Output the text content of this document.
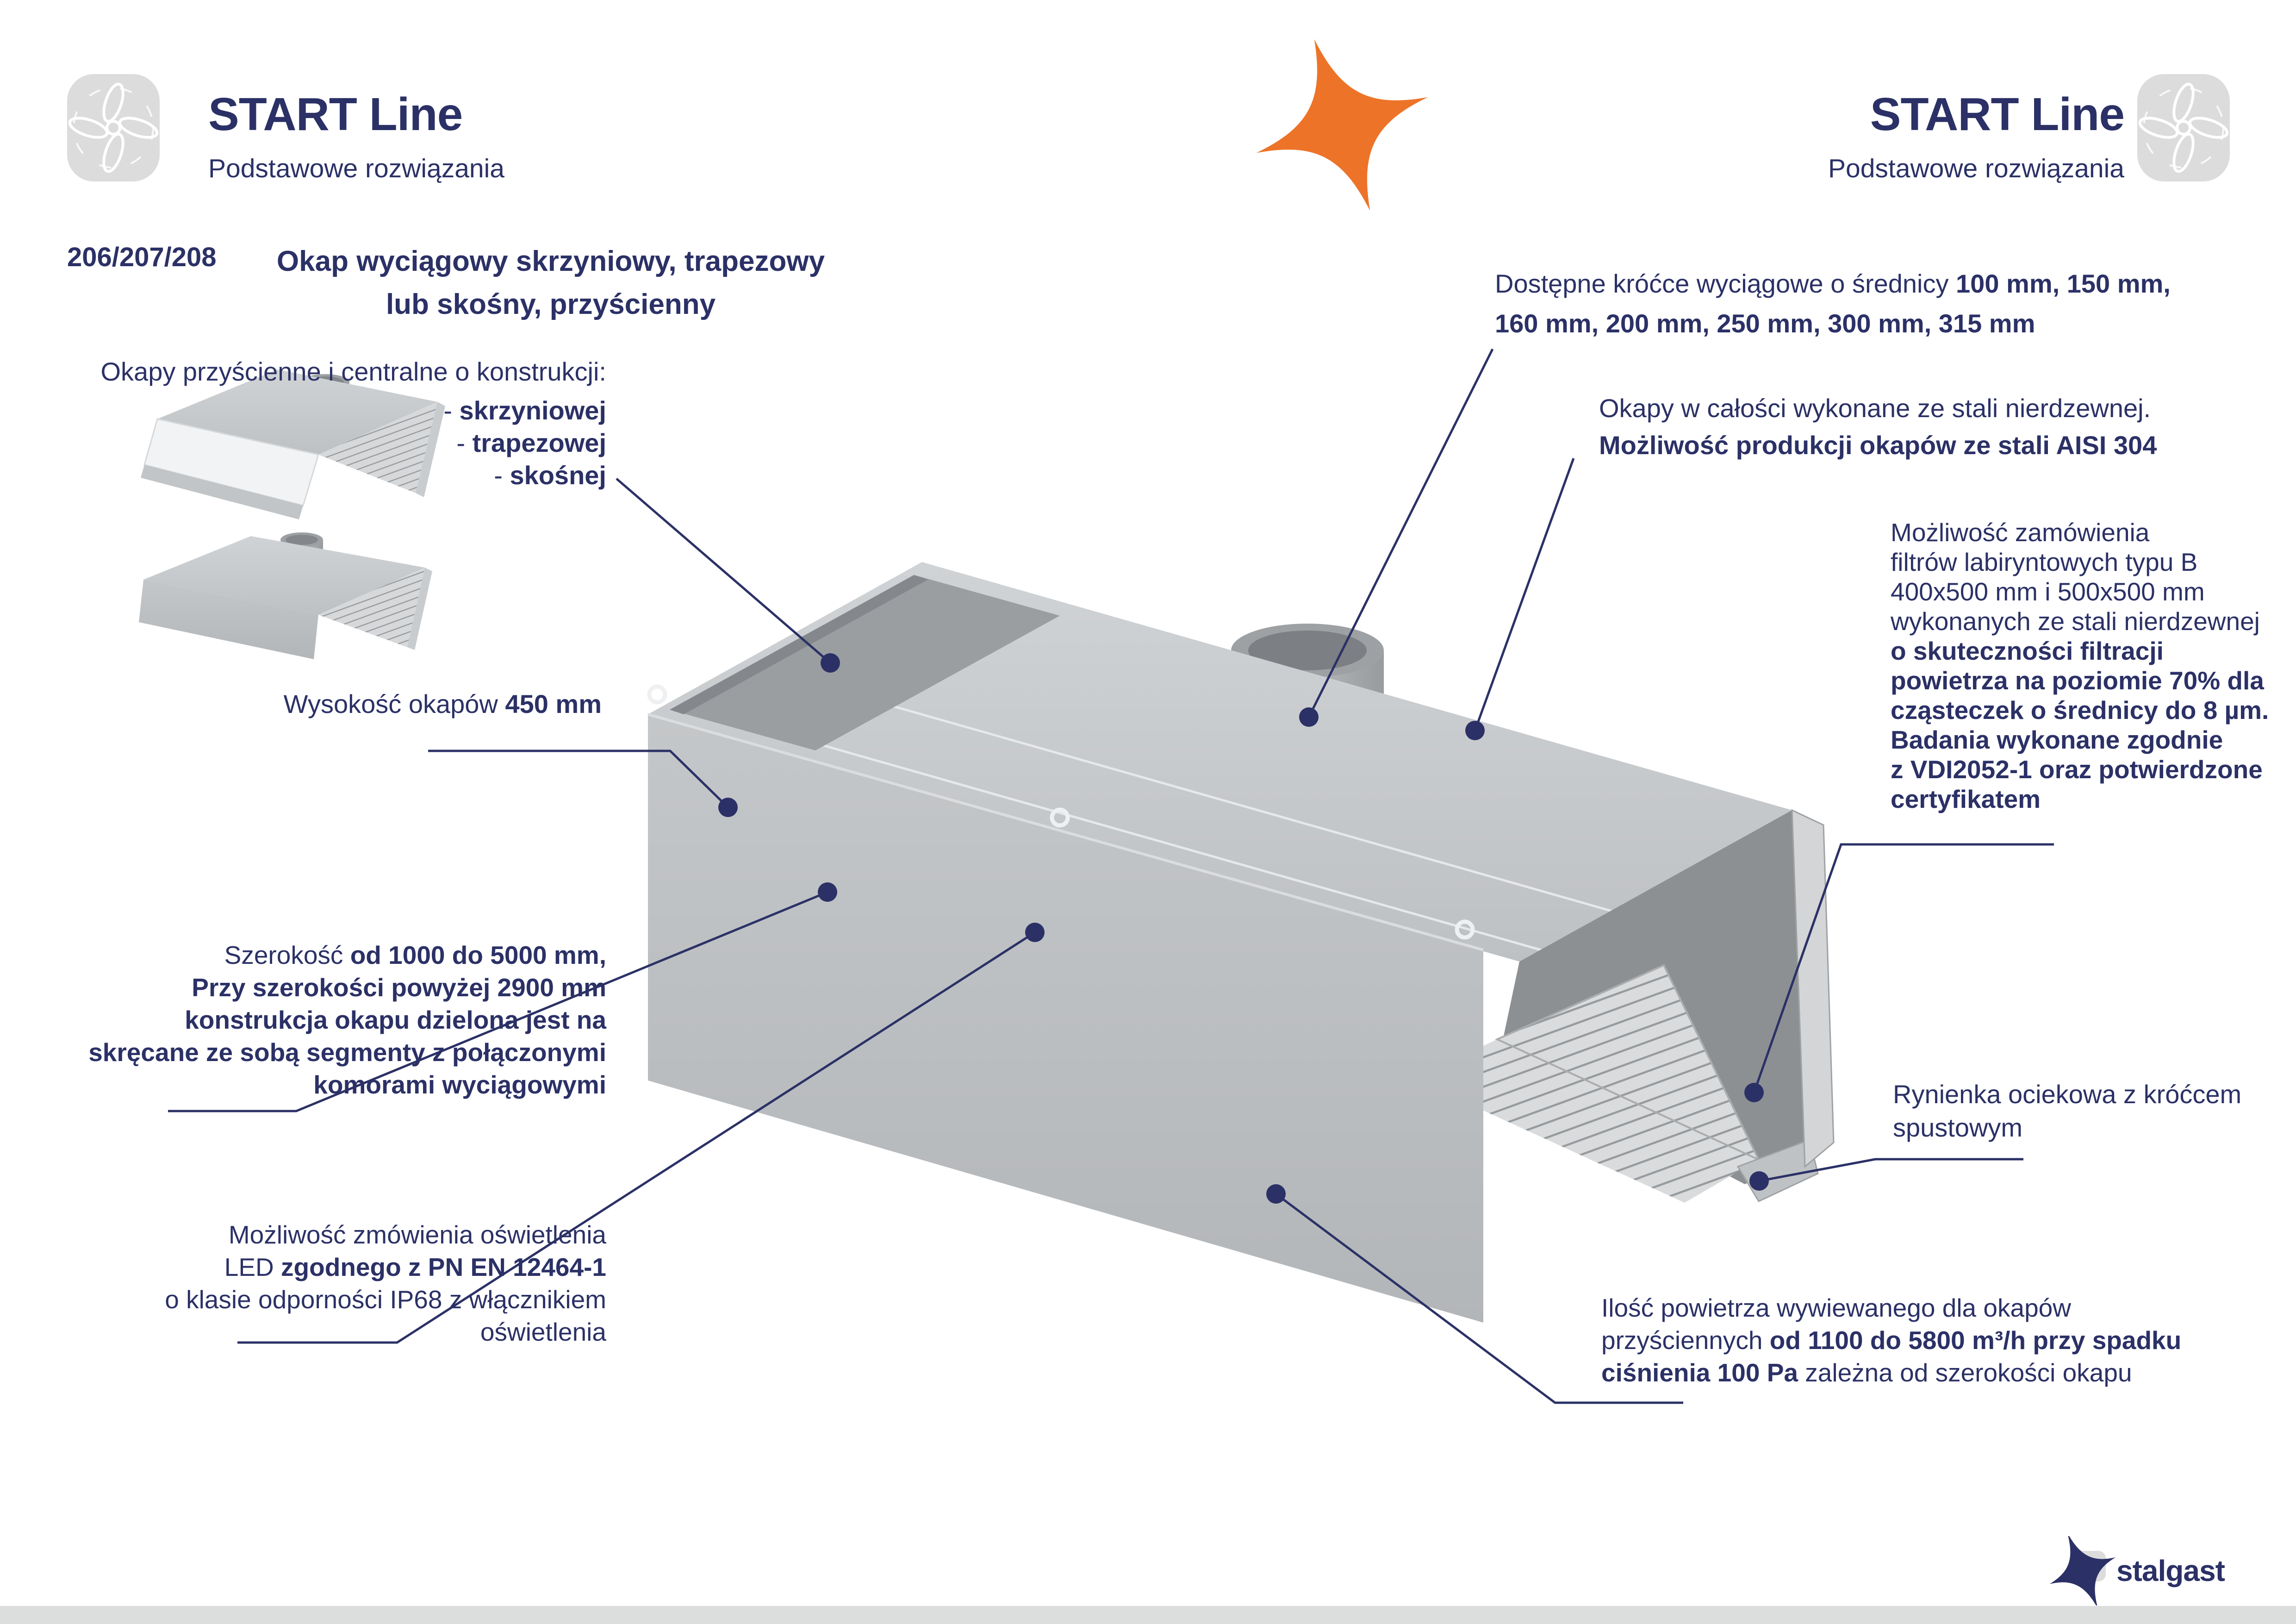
START Line
Podstawowe rozwiązania
START Line
Podstawowe rozwiązania
206/207/208	Okap wyciągowy skrzyniowy, trapezowy
lub skośny, przyścienny
Okapy przyścienne i centralne o konstrukcji:
- skrzyniowej
- trapezowej
- skośnej
Wysokość okapów 450 mm
Szerokość od 1000 do 5000 mm,
Przy szerokości powyżej 2900 mm
konstrukcja okapu dzielona jest na
skręcane ze sobą segmenty z połączonymi
komorami wyciągowymi
Możliwość zmówienia oświetlenia
LED zgodnego z PN EN 12464-1
o klasie odporności IP68 z włącznikiem
oświetlenia
Dostępne króćce wyciągowe o średnicy 100 mm, 150 mm,
160 mm, 200 mm, 250 mm, 300 mm, 315 mm
Okapy w całości wykonane ze stali nierdzewnej.
Możliwość produkcji okapów ze stali AISI 304
Możliwość zamówienia
filtrów labiryntowych typu B
400x500 mm i 500x500 mm
wykonanych ze stali nierdzewnej
o skuteczności filtracji
powietrza na poziomie 70% dla
cząsteczek o średnicy do 8 µm.
Badania wykonane zgodnie
z VDI2052-1 oraz potwierdzone
certyfikatem
Rynienka ociekowa z króćcem
spustowym
Ilość powietrza wywiewanego dla okapów
przyściennych od 1100 do 5800 m³/h przy spadku
ciśnienia 100 Pa zależna od szerokości okapu
stalgast
